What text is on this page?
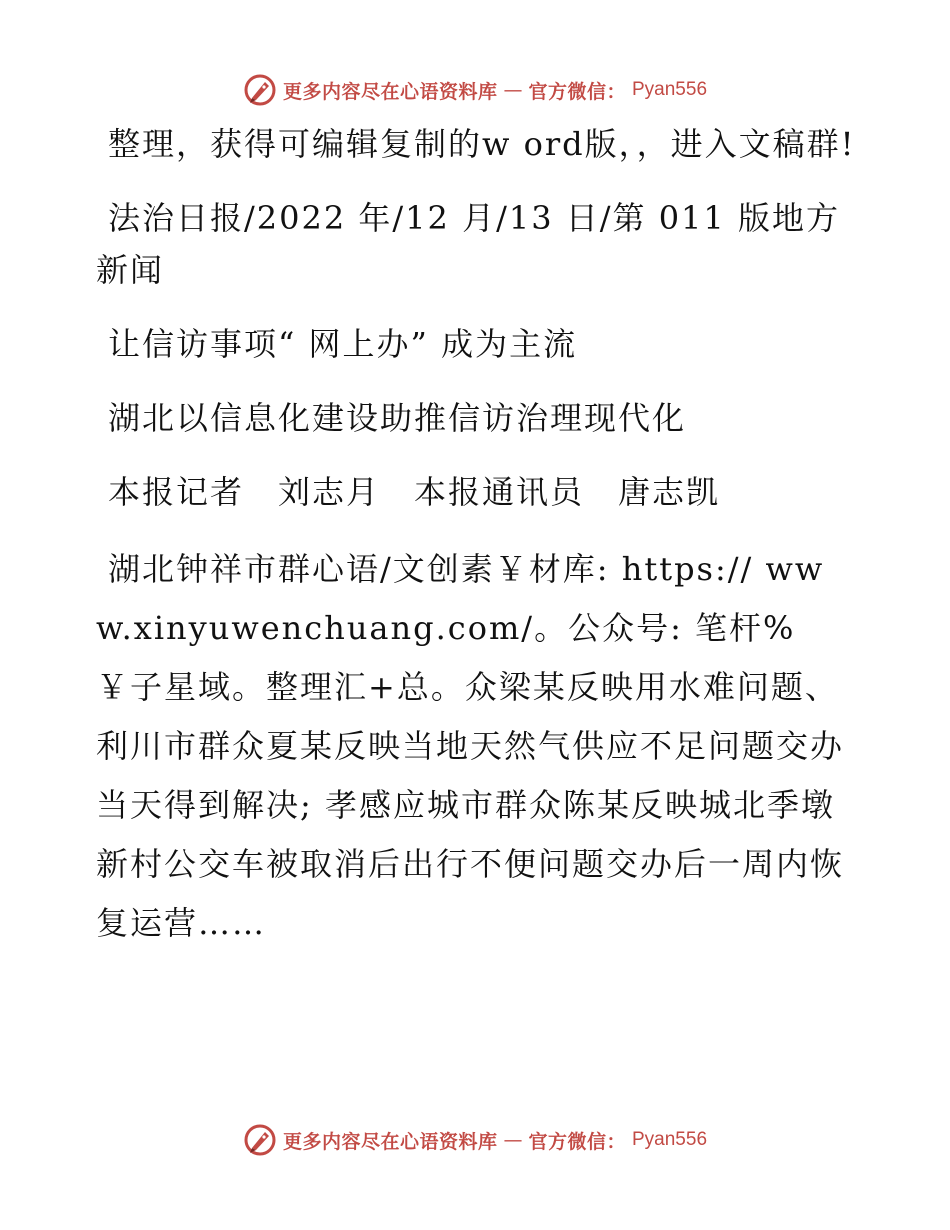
更多内容尽在心语资料库 — 官方微信： Pyan556

整理，获得可编辑复制的w ord版，，进入文稿群!

法治日报/2022 年/12 月/13 日/第 011 版地方新闻

让信访事项“ 网上办” 成为主流

湖北以信息化建设助推信访治理现代化

本报记者　刘志月　本报通讯员　唐志凯

湖北钟祥市群心语/文创素￥材库: https:// www.xinyuwenchuang.com/。公众号: 笔杆%￥子星域。整理汇+总。众梁某反映用水难问题、利川市群众夏某反映当地天然气供应不足问题交办当天得到解决; 孝感应城市群众陈某反映城北季墩新村公交车被取消后出行不便问题交办后一周内恢复运营……

更多内容尽在心语资料库 — 官方微信： Pyan556
